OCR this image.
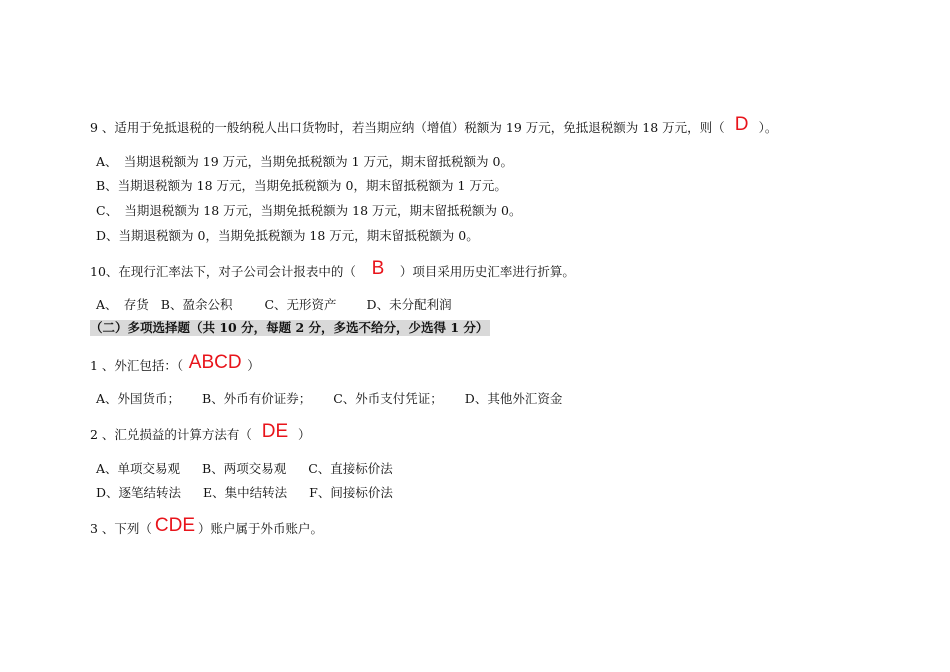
9 、适用于免抵退税的一般纳税人出口货物时，若当期应纳（增值）税额为 19 万元，免抵退税额为 18 万元，则（ D ）。
A、　当期退税额为 19 万元，当期免抵税额为 1 万元，期末留抵税额为 0。
B、当期退税额为 18 万元，当期免抵税额为 0，期末留抵税额为 1 万元。
C、　当期退税额为 18 万元，当期免抵税额为 18 万元，期末留抵税额为 0。
D、当期退税额为 0，当期免抵税额为 18 万元，期末留抵税额为 0。
10、在现行汇率法下，对子公司会计报表中的（ B ）项目采用历史汇率进行折算。
A、　存货 B、盈余公积	C、无形资产 D、未分配利润
（二）多项选择题（共 10 分，每题 2 分，多选不给分，少选得 1 分）
1 、外汇包括：（ ABCD ）
A、外国货币； B、外币有价证券； C、外币支付凭证； D、其他外汇资金
2 、汇兑损益的计算方法有（ DE ）
A、单项交易观 B、两项交易观 C、直接标价法
D、逐笔结转法 E、集中结转法 F、间接标价法
3 、下列（ CDE ）账户属于外币账户。
